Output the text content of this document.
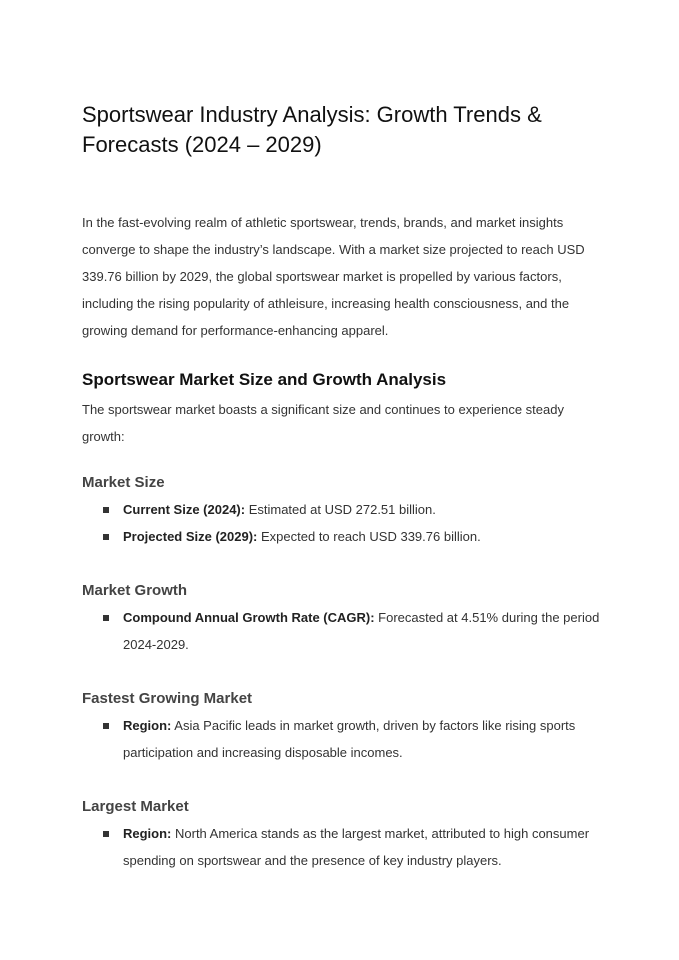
Sportswear Industry Analysis: Growth Trends & Forecasts (2024 – 2029)

In the fast-evolving realm of athletic sportswear, trends, brands, and market insights converge to shape the industry’s landscape. With a market size projected to reach USD 339.76 billion by 2029, the global sportswear market is propelled by various factors, including the rising popularity of athleisure, increasing health consciousness, and the growing demand for performance-enhancing apparel.

Sportswear Market Size and Growth Analysis

The sportswear market boasts a significant size and continues to experience steady growth:

Market Size
Current Size (2024): Estimated at USD 272.51 billion.
Projected Size (2029): Expected to reach USD 339.76 billion.
Market Growth
Compound Annual Growth Rate (CAGR): Forecasted at 4.51% during the period 2024-2029.
Fastest Growing Market
Region: Asia Pacific leads in market growth, driven by factors like rising sports participation and increasing disposable incomes.
Largest Market
Region: North America stands as the largest market, attributed to high consumer spending on sportswear and the presence of key industry players.
